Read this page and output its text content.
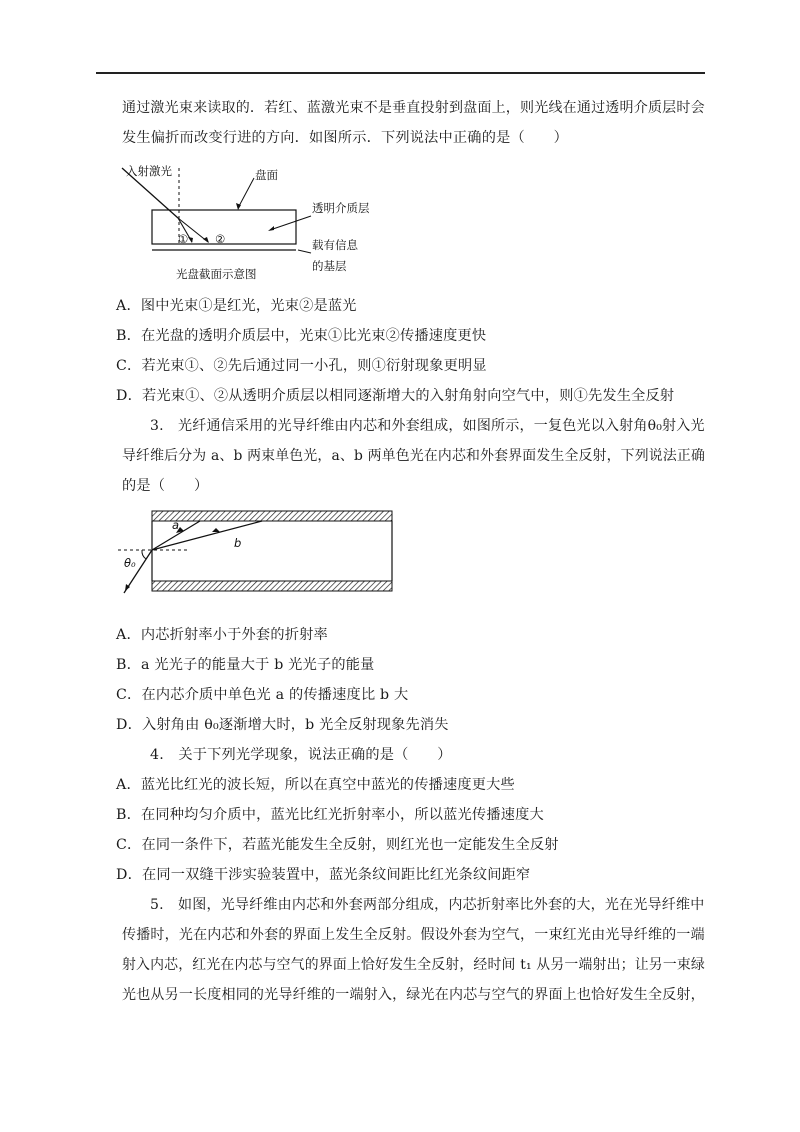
通过激光束来读取的．若红、蓝激光束不是垂直投射到盘面上，则光线在通过透明介质层时会
发生偏折而改变行进的方向．如图所示．下列说法中正确的是（　　）
入射激光
① ②
盘面
透明介质层
载有信息
的基层
光盘截面示意图
A．图中光束①是红光，光束②是蓝光
B．在光盘的透明介质层中，光束①比光束②传播速度更快
C．若光束①、②先后通过同一小孔，则①衍射现象更明显
D．若光束①、②从透明介质层以相同逐渐增大的入射角射向空气中，则①先发生全反射
3.　光纤通信采用的光导纤维由内芯和外套组成，如图所示，一复色光以入射角θ₀射入光
导纤维后分为 a、b 两束单色光，a、b 两单色光在内芯和外套界面发生全反射，下列说法正确
的是（　　）
θ₀
a
b
A．内芯折射率小于外套的折射率
B．a 光光子的能量大于 b 光光子的能量
C．在内芯介质中单色光 a 的传播速度比 b 大
D．入射角由 θ₀逐渐增大时，b 光全反射现象先消失
4.　关于下列光学现象，说法正确的是（　　）
A．蓝光比红光的波长短，所以在真空中蓝光的传播速度更大些
B．在同种均匀介质中，蓝光比红光折射率小，所以蓝光传播速度大
C．在同一条件下，若蓝光能发生全反射，则红光也一定能发生全反射
D．在同一双缝干涉实验装置中，蓝光条纹间距比红光条纹间距窄
5.　如图，光导纤维由内芯和外套两部分组成，内芯折射率比外套的大，光在光导纤维中
传播时，光在内芯和外套的界面上发生全反射。假设外套为空气，一束红光由光导纤维的一端
射入内芯，红光在内芯与空气的界面上恰好发生全反射，经时间 t₁ 从另一端射出；让另一束绿
光也从另一长度相同的光导纤维的一端射入，绿光在内芯与空气的界面上也恰好发生全反射，
